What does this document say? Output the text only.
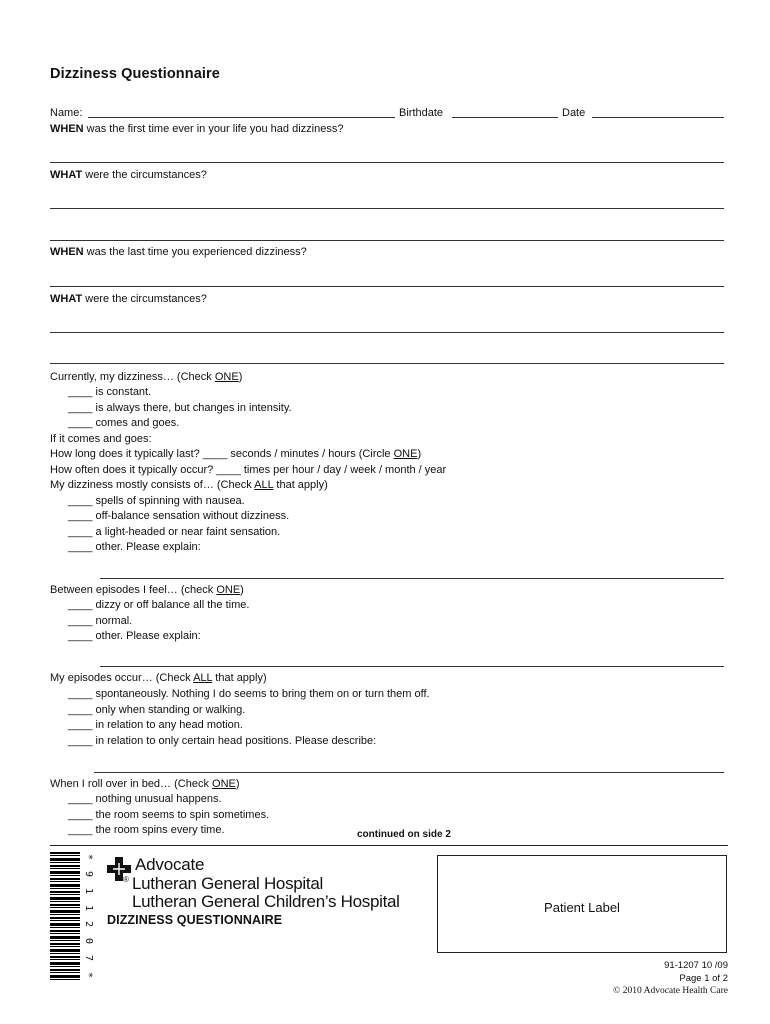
Dizziness Questionnaire
Name:	Birthdate	Date
WHEN was the first time ever in your life you had dizziness?
WHAT were the circumstances?
WHEN was the last time you experienced dizziness?
WHAT were the circumstances?
Currently, my dizziness… (Check ONE)
____ is constant.
____ is always there, but changes in intensity.
____ comes and goes.
If it comes and goes:
How long does it typically last? ____ seconds / minutes / hours (Circle ONE)
How often does it typically occur? ____ times per hour / day / week / month / year
My dizziness mostly consists of… (Check ALL that apply)
____ spells of spinning with nausea.
____ off-balance sensation without dizziness.
____ a light-headed or near faint sensation.
____ other. Please explain:
Between episodes I feel… (check ONE)
____ dizzy or off balance all the time.
____ normal.
____ other. Please explain:
My episodes occur… (Check ALL that apply)
____ spontaneously. Nothing I do seems to bring them on or turn them off.
____ only when standing or walking.
____ in relation to any head motion.
____ in relation to only certain head positions. Please describe:
When I roll over in bed… (Check ONE)
____ nothing unusual happens.
____ the room seems to spin sometimes.
____ the room spins every time.	continued on side 2
*
9
1
1
2
0
7
*
Advocate
® Lutheran General Hospital
Lutheran General Children’s Hospital
DIZZINESS QUESTIONNAIRE
Patient Label
91-1207 10 /09
Page 1 of 2
© 2010 Advocate Health Care
